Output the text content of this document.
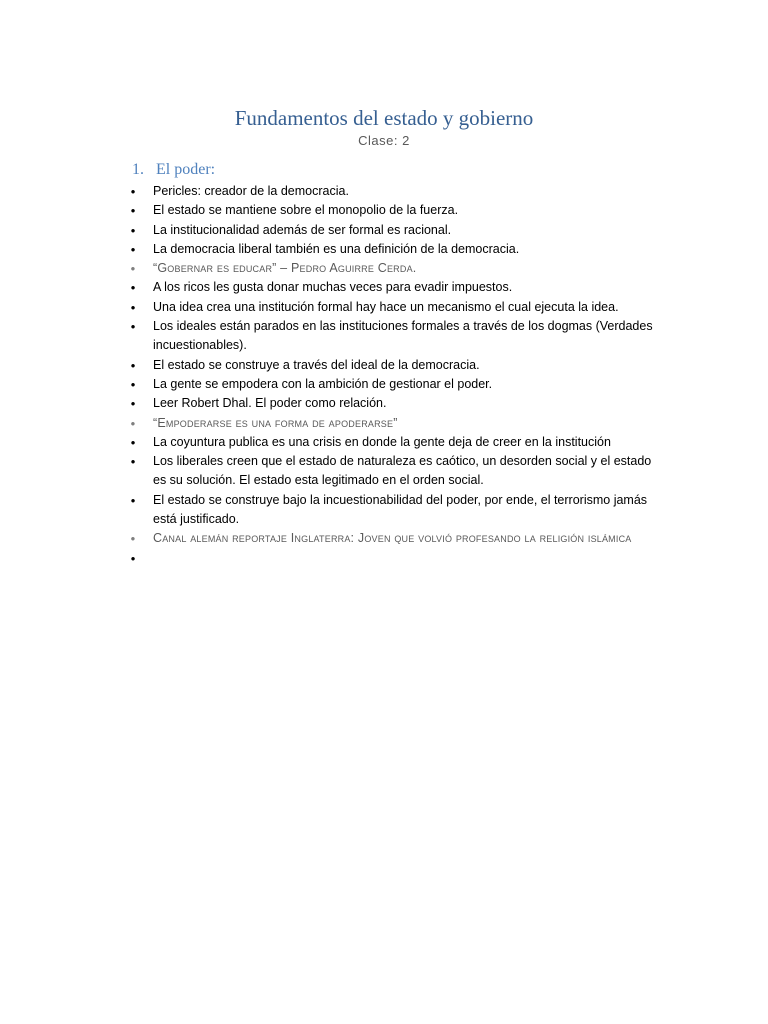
Fundamentos del estado y gobierno

Clase: 2

1. El poder:
• Pericles: creador de la democracia.
• El estado se mantiene sobre el monopolio de la fuerza.
• La institucionalidad además de ser formal es racional.
• La democracia liberal también es una definición de la democracia.
• “Gobernar es educar” – Pedro Aguirre Cerda.
• A los ricos les gusta donar muchas veces para evadir impuestos.
• Una idea crea una institución formal hay hace un mecanismo el cual ejecuta la idea.
• Los ideales están parados en las instituciones formales a través de los dogmas (Verdades incuestionables).
• El estado se construye a través del ideal de la democracia.
• La gente se empodera con la ambición de gestionar el poder.
• Leer Robert Dhal. El poder como relación.
• “Empoderarse es una forma de apoderarse”
• La coyuntura publica es una crisis en donde la gente deja de creer en la institución
• Los liberales creen que el estado de naturaleza es caótico, un desorden social y el estado es su solución. El estado esta legitimado en el orden social.
• El estado se construye bajo la incuestionabilidad del poder, por ende, el terrorismo jamás está justificado.
• Canal alemán reportaje Inglaterra: Joven que volvió profesando la religión islámica
•
